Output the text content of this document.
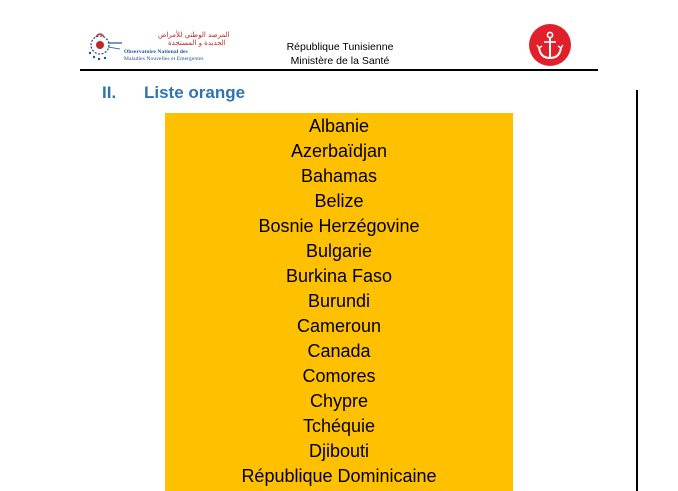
المرصد الوطني للأمراض
الجديدة و المستجدة
Observatoire National des
Maladies Nouvelles et Emergentes
République Tunisienne
Ministère de la Santé
II. Liste orange
Albanie
Azerbaïdjan
Bahamas
Belize
Bosnie Herzégovine
Bulgarie
Burkina Faso
Burundi
Cameroun
Canada
Comores
Chypre
Tchéquie
Djibouti
République Dominicaine
